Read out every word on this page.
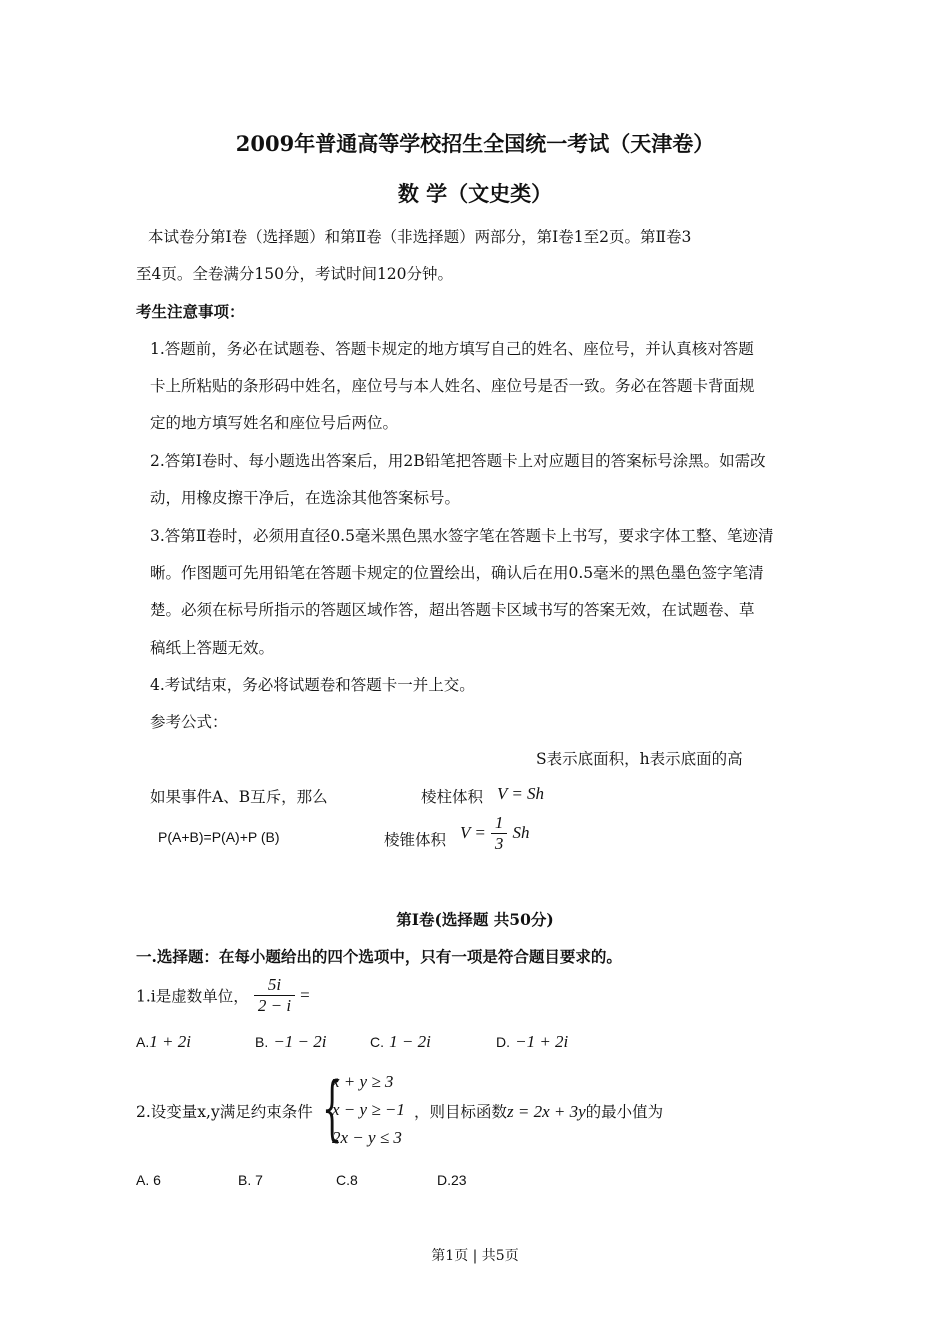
2009年普通高等学校招生全国统一考试（天津卷）
数 学（文史类）
本试卷分第Ⅰ卷（选择题）和第Ⅱ卷（非选择题）两部分，第Ⅰ卷1至2页。第Ⅱ卷3
至4页。全卷满分150分，考试时间120分钟。
考生注意事项：
1.答题前，务必在试题卷、答题卡规定的地方填写自己的姓名、座位号，并认真核对答题
卡上所粘贴的条形码中姓名，座位号与本人姓名、座位号是否一致。务必在答题卡背面规
定的地方填写姓名和座位号后两位。
2.答第Ⅰ卷时、每小题选出答案后，用2B铅笔把答题卡上对应题目的答案标号涂黑。如需改
动，用橡皮擦干净后，在选涂其他答案标号。
3.答第Ⅱ卷时，必须用直径0.5毫米黑色黑水签字笔在答题卡上书写，要求字体工整、笔迹清
晰。作图题可先用铅笔在答题卡规定的位置绘出，确认后在用0.5毫米的黑色墨色签字笔清
楚。必须在标号所指示的答题区域作答，超出答题卡区域书写的答案无效，在试题卷、草
稿纸上答题无效。
4.考试结束，务必将试题卷和答题卡一并上交。
参考公式：
S表示底面积，h表示底面的高
如果事件A、B互斥，那么	棱柱体积 V = Sh
P(A+B)=P(A)+P (B)	棱锥体积 $V = \frac{1}{3}$ Sh
第Ⅰ卷(选择题 共50分)
一.选择题：在每小题给出的四个选项中，只有一项是符合题目要求的。
1.i是虚数单位， $\frac{5i}{2 - i}$ =
A.1 + 2i	B. −1 − 2i	C. 1 − 2i	D. −1 + 2i
2.设变量x,y满足约束条件 {
x + y ≥ 3
x − y ≥ −1
2x − y ≤ 3
，则目标函数z = 2x + 3y的最小值为
A. 6	B. 7	C.8	D.23
第1页 | 共5页
